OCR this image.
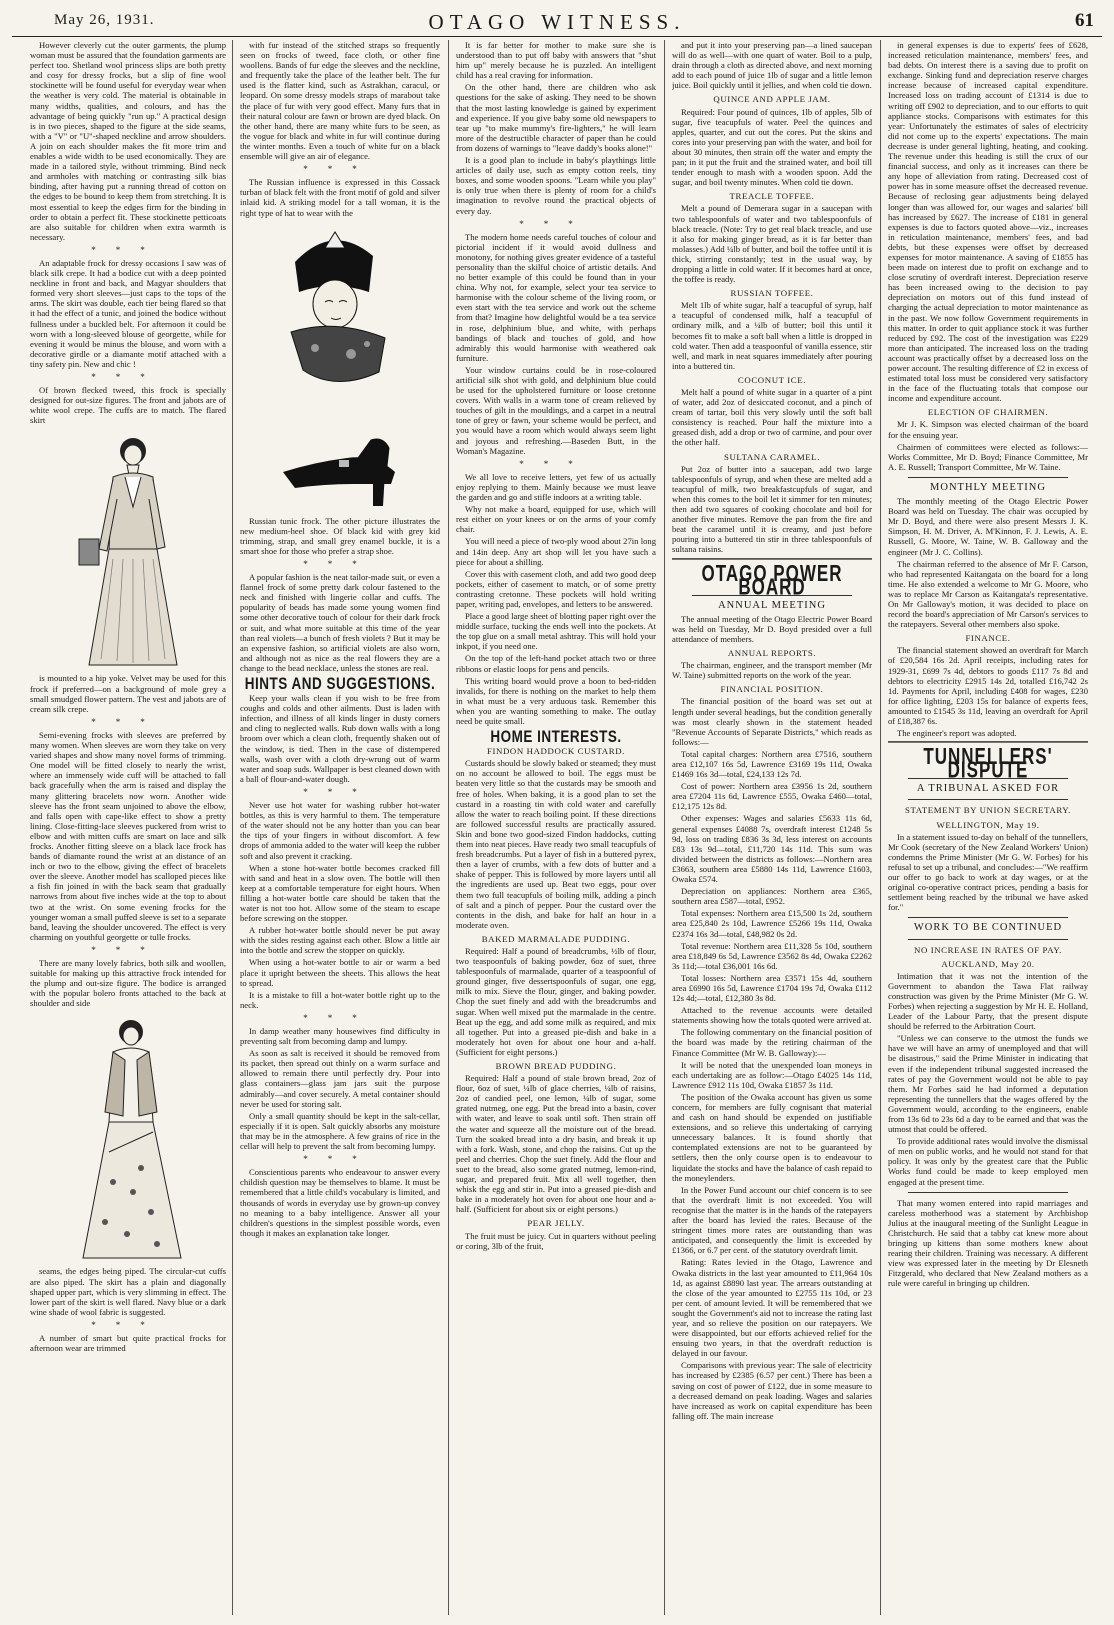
May 26, 1931.	OTAGO WITNESS.	61

However cleverly cut the outer garments, the plump woman must be assured that the foundation garments are perfect too. Shetland wool princess slips are both pretty and cosy for dressy frocks, but a slip of fine wool stockinette will be found useful for everyday wear when the weather is very cold. The material is obtainable in many widths, qualities, and colours, and has the advantage of being quickly "run up." A practical design is in two pieces, shaped to the figure at the side seams, with a "V" or "U"-shaped neckline and arrow shoulders. A join on each shoulder makes the fit more trim and enables a wide width to be used economically. They are made in a tailored style, without trimming. Bind neck and armholes with matching or contrasting silk bias binding, after having put a running thread of cotton on the edges to be bound to keep them from stretching. It is most essential to keep the edges firm for the binding in order to obtain a perfect fit. These stockinette petticoats are also suitable for children when extra warmth is necessary.

***

An adaptable frock for dressy occasions I saw was of black silk crepe. It had a bodice cut with a deep pointed neckline in front and back, and Magyar shoulders that formed very short sleeves—just caps to the tops of the arms. The skirt was double, each tier being flared so that it had the effect of a tunic, and joined the bodice without fullness under a buckled belt. For afternoon it could be worn with a long-sleeved blouse of georgette, while for evening it would be minus the blouse, and worn with a decorative girdle or a diamante motif attached with a tiny safety pin. New and chic !

***

Of brown flecked tweed, this frock is specially designed for out-size figures. The front and jabots are of white wool crepe. The cuffs are to match. The flared skirt

is mounted to a hip yoke. Velvet may be used for this frock if preferred—on a background of mole grey a small smudged flower pattern. The vest and jabots are of cream silk crepe.

***

Semi-evening frocks with sleeves are preferred by many women. When sleeves are worn they take on very varied shapes and show many novel forms of trimming. One model will be fitted closely to nearly the wrist, where an immensely wide cuff will be attached to fall back gracefully when the arm is raised and display the many glittering bracelets now worn. Another wide sleeve has the front seam unjoined to above the elbow, and falls open with cape-like effect to show a pretty lining. Close-fitting-lace sleeves puckered from wrist to elbow and with mitten cuffs are smart on lace and silk frocks. Another fitting sleeve on a black lace frock has bands of diamante round the wrist at an distance of an inch or two to the elbow, giving the effect of bracelets over the sleeve. Another model has scalloped pieces like a fish fin joined in with the back seam that gradually narrows from about five inches wide at the top to about two at the wrist. On some evening frocks for the younger woman a small puffed sleeve is set to a separate band, leaving the shoulder uncovered. The effect is very charming on youthful georgette or tulle frocks.

***

There are many lovely fabrics, both silk and woollen, suitable for making up this attractive frock intended for the plump and out-size figure. The bodice is arranged with the popular bolero fronts attached to the back at shoulder and side

seams, the edges being piped. The circular-cut cuffs are also piped. The skirt has a plain and diagonally shaped upper part, which is very slimming in effect. The lower part of the skirt is well flared. Navy blue or a dark wine shade of wool fabric is suggested.

***

A number of smart but quite practical frocks for afternoon wear are trimmed

with fur instead of the stitched straps so frequently seen on frocks of tweed, face cloth, or other fine woollens. Bands of fur edge the sleeves and the neckline, and frequently take the place of the leather belt. The fur used is the flatter kind, such as Astrakhan, caracul, or leopard. On some dressy models straps of marabout take the place of fur with very good effect. Many furs that in their natural colour are fawn or brown are dyed black. On the other hand, there are many white furs to be seen, as the vogue for black and white in fur will continue during the winter months. Even a touch of white fur on a black ensemble will give an air of elegance.

***

The Russian influence is expressed in this Cossack turban of black felt with the front motif of gold and silver inlaid kid. A striking model for a tall woman, it is the right type of hat to wear with the

Russian tunic frock. The other picture illustrates the new medium-heel shoe. Of black kid with grey kid trimming, strap, and small grey enamel buckle, it is a smart shoe for those who prefer a strap shoe.

***

A popular fashion is the neat tailor-made suit, or even a flannel frock of some pretty dark colour fastened to the neck and finished with lingerie collar and cuffs. The popularity of beads has made some young women find some other decorative touch of colour for their dark frock or suit, and what more suitable at this time of the year than real violets—a bunch of fresh violets ? But it may be an expensive fashion, so artificial violets are also worn, and although not as nice as the real flowers they are a change to the bead necklace, unless the stones are real.

HINTS AND SUGGESTIONS.

Keep your walls clean if you wish to be free from coughs and colds and other ailments. Dust is laden with infection, and illness of all kinds linger in dusty corners and cling to neglected walls. Rub down walls with a long broom over which a clean cloth, frequently shaken out of the window, is tied. Then in the case of distempered walls, wash over with a cloth dry-wrung out of warm water and soap suds. Wallpaper is best cleaned down with a ball of flour-and-water dough.

***

Never use hot water for washing rubber hot-water bottles, as this is very harmful to them. The temperature of the water should not be any hotter than you can bear the tips of your fingers in without discomfort. A few drops of ammonia added to the water will keep the rubber soft and also prevent it cracking.

When a stone hot-water bottle becomes cracked fill with sand and heat in a slow oven. The bottle will then keep at a comfortable temperature for eight hours. When filling a hot-water bottle care should be taken that the water is not too hot. Allow some of the steam to escape before screwing on the stopper.

A rubber hot-water bottle should never be put away with the sides resting against each other. Blow a little air into the bottle and screw the stopper on quickly.

When using a hot-water bottle to air or warm a bed place it upright between the sheets. This allows the heat to spread.

It is a mistake to fill a hot-water bottle right up to the neck.

***

In damp weather many housewives find difficulty in preventing salt from becoming damp and lumpy.

As soon as salt is received it should be removed from its packet, then spread out thinly on a warm surface and allowed to remain there until perfectly dry. Pour into glass containers—glass jam jars suit the purpose admirably—and cover securely. A metal container should never be used for storing salt.

Only a small quantity should be kept in the salt-cellar, especially if it is open. Salt quickly absorbs any moisture that may be in the atmosphere. A few grains of rice in the cellar will help to prevent the salt from becoming lumpy.

***

Conscientious parents who endeavour to answer every childish question may be themselves to blame. It must be remembered that a little child's vocabulary is limited, and thousands of words in everyday use by grown-up convey no meaning to a baby intelligence. Answer all your children's questions in the simplest possible words, even though it makes an explanation take longer.

It is far better for mother to make sure she is understood than to put off baby with answers that "shut him up" merely because he is puzzled. An intelligent child has a real craving for information.

On the other hand, there are children who ask questions for the sake of asking. They need to be shown that the most lasting knowledge is gained by experiment and experience. If you give baby some old newspapers to tear up "to make mummy's fire-lighters," he will learn more of the destructible character of paper than he could from dozens of warnings to "leave daddy's books alone!"

It is a good plan to include in baby's playthings little articles of daily use, such as empty cotton reels, tiny boxes, and some wooden spoons. "Learn while you play" is only true when there is plenty of room for a child's imagination to revolve round the practical objects of every day.

***

The modern home needs careful touches of colour and pictorial incident if it would avoid dullness and monotony, for nothing gives greater evidence of a tasteful personality than the skilful choice of artistic details. And no better example of this could be found than in your china. Why not, for example, select your tea service to harmonise with the colour scheme of the living room, or even start with the tea service and work out the scheme from that? Imagine how delightful would be a tea service in rose, delphinium blue, and white, with perhaps bandings of black and touches of gold, and how admirably this would harmonise with weathered oak furniture.

Your window curtains could be in rose-coloured artificial silk shot with gold, and delphinium blue could be used for the upholstered furniture or loose cretonne covers. With walls in a warm tone of cream relieved by touches of gilt in the mouldings, and a carpet in a neutral tone of grey or fawn, your scheme would be perfect, and you would have a room which would always seem light and joyous and refreshing.—Baseden Butt, in the Woman's Magazine.

***

We all love to receive letters, yet few of us actually enjoy replying to them. Mainly because we must leave the garden and go and stifle indoors at a writing table.

Why not make a board, equipped for use, which will rest either on your knees or on the arms of your comfy chair.

You will need a piece of two-ply wood about 27in long and 14in deep. Any art shop will let you have such a piece for about a shilling.

Cover this with casement cloth, and add two good deep pockets, either of casement to match, or of some pretty contrasting cretonne. These pockets will hold writing paper, writing pad, envelopes, and letters to be answered.

Place a good large sheet of blotting paper right over the middle surface, tucking the ends well into the pockets. At the top glue on a small metal ashtray. This will hold your inkpot, if you need one.

On the top of the left-hand pocket attach two or three ribbons or elastic loops for pens and pencils.

This writing board would prove a boon to bed-ridden invalids, for there is nothing on the market to help them in what must be a very arduous task. Remember this when you are wanting something to make. The outlay need be quite small.

HOME INTERESTS.
FINDON HADDOCK CUSTARD.

Custards should be slowly baked or steamed; they must on no account be allowed to boil. The eggs must be beaten very little so that the custards may be smooth and free of holes. When baking, it is a good plan to set the custard in a roasting tin with cold water and carefully allow the water to reach boiling point. If these directions are followed successful results are practically assured. Skin and bone two good-sized Findon haddocks, cutting them into neat pieces. Have ready two small teacupfuls of fresh breadcrumbs. Put a layer of fish in a buttered pyrex, then a layer of crumbs, with a few dots of butter and a shake of pepper. This is followed by more layers until all the ingredients are used up. Beat two eggs, pour over them two full teacupfuls of boiling milk, adding a pinch of salt and a pinch of pepper. Pour the custard over the contents in the dish, and bake for half an hour in a moderate oven.

BAKED MARMALADE PUDDING.

Required: Half a pound of breadcrumbs, ½lb of flour, two teaspoonfuls of baking powder, 6oz of suet, three tablespoonfuls of marmalade, quarter of a teaspoonful of ground ginger, five dessertspoonfuls of sugar, one egg, milk to mix. Sieve the flour, ginger, and baking powder. Chop the suet finely and add with the breadcrumbs and sugar. When well mixed put the marmalade in the centre. Beat up the egg, and add some milk as required, and mix all together. Put into a greased pie-dish and bake in a moderately hot oven for about one hour and a-half. (Sufficient for eight persons.)

BROWN BREAD PUDDING.

Required: Half a pound of stale brown bread, 2oz of flour, 6oz of suet, ¼lb of glace cherries, ¼lb of raisins, 2oz of candied peel, one lemon, ¼lb of sugar, some grated nutmeg, one egg. Put the bread into a basin, cover with water, and leave to soak until soft. Then strain off the water and squeeze all the moisture out of the bread. Turn the soaked bread into a dry basin, and break it up with a fork. Wash, stone, and chop the raisins. Cut up the peel and cherries. Chop the suet finely. Add the flour and suet to the bread, also some grated nutmeg, lemon-rind, sugar, and prepared fruit. Mix all well together, then whisk the egg and stir in. Put into a greased pie-dish and bake in a moderately hot oven for about one hour and a-half. (Sufficient for about six or eight persons.)

PEAR JELLY.

The fruit must be juicy. Cut in quarters without peeling or coring, 3lb of the fruit,

and put it into your preserving pan—a lined saucepan will do as well—with one quart of water. Boil to a pulp, drain through a cloth as directed above, and next morning add to each pound of juice 1lb of sugar and a little lemon juice. Boil quickly until it jellies, and when cold tie down.

QUINCE AND APPLE JAM.

Required: Four pound of quinces, 1lb of apples, 5lb of sugar, five teacupfuls of water. Peel the quinces and apples, quarter, and cut out the cores. Put the skins and cores into your preserving pan with the water, and boil for about 30 minutes, then strain off the water and empty the pan; in it put the fruit and the strained water, and boil till tender enough to mash with a wooden spoon. Add the sugar, and boil twenty minutes. When cold tie down.

TREACLE TOFFEE.

Melt a pound of Demerara sugar in a saucepan with two tablespoonfuls of water and two tablespoonfuls of black treacle. (Note: Try to get real black treacle, and use it also for making ginger bread, as it is far better than molasses.) Add ¼lb of butter, and boil the toffee until it is thick, stirring constantly; test in the usual way, by dropping a little in cold water. If it becomes hard at once, the toffee is ready.

RUSSIAN TOFFEE.

Melt 1lb of white sugar, half a teacupful of syrup, half a teacupful of condensed milk, half a teacupful of ordinary milk, and a ¼lb of butter; boil this until it becomes fit to make a soft ball when a little is dropped in cold water. Then add a teaspoonful of vanilla essence, stir well, and mark in neat squares immediately after pouring into a buttered tin.

COCONUT ICE.

Melt half a pound of white sugar in a quarter of a pint of water, add 2oz of desiccated coconut, and a pinch of cream of tartar, boil this very slowly until the soft ball consistency is reached. Pour half the mixture into a greased dish, add a drop or two of carmine, and pour over the other half.

SULTANA CARAMEL.

Put 2oz of butter into a saucepan, add two large tablespoonfuls of syrup, and when these are melted add a teacupful of milk, two breakfastcupfuls of sugar, and when this comes to the boil let it simmer for ten minutes; then add two squares of cooking chocolate and boil for another five minutes. Remove the pan from the fire and beat the caramel until it is creamy, and just before pouring into a buttered tin stir in three tablespoonfuls of sultana raisins.

OTAGO POWER BOARD
ANNUAL MEETING

The annual meeting of the Otago Electric Power Board was held on Tuesday, Mr D. Boyd presided over a full attendance of members.

ANNUAL REPORTS.

The chairman, engineer, and the transport member (Mr W. Taine) submitted reports on the work of the year.

FINANCIAL POSITION.

The financial position of the board was set out at length under several headings, but the condition generally was most clearly shown in the statement headed "Revenue Accounts of Separate Districts," which reads as follows:—

Total capital charges: Northern area £7516, southern area £12,107 16s 5d, Lawrence £3169 19s 11d, Owaka £1469 16s 3d—total, £24,133 12s 7d.

Cost of power: Northern area £3956 1s 2d, southern area £7204 11s 6d, Lawrence £555, Owaka £460—total, £12,175 12s 8d.

Other expenses: Wages and salaries £5633 11s 6d, general expenses £4088 7s, overdraft interest £1248 5s 9d, loss on trading £836 3s 3d, less interest on accounts £83 13s 9d—total, £11,720 14s 11d. This sum was divided between the districts as follows:—Northern area £3663, southern area £5880 14s 11d, Lawrence £1603, Owaka £574.

Depreciation on appliances: Northern area £365, southern area £587—total, £952.

Total expenses: Northern area £15,500 1s 2d, southern area £25,840 2s 10d, Lawrence £5266 19s 11d, Owaka £2374 16s 3d—total, £48,982 0s 2d.

Total revenue: Northern area £11,328 5s 10d, southern area £18,849 6s 5d, Lawrence £3562 8s 4d, Owaka £2262 3s 11d;—total £36,001 16s 6d.

Total losses: Northern area £3571 15s 4d, southern area £6990 16s 5d, Lawrence £1704 19s 7d, Owaka £112 12s 4d;—total, £12,380 3s 8d.

Attached to the revenue accounts were detailed statements showing how the totals quoted were arrived at.

The following commentary on the financial position of the board was made by the retiring chairman of the Finance Committee (Mr W. B. Galloway):—

It will be noted that the unexpended loan moneys in each undertaking are as follow:—Otago £4025 14s 11d, Lawrence £912 11s 10d, Owaka £1857 3s 11d.

The position of the Owaka account has given us some concern, for members are fully cognisant that material and cash on hand should be expended on justifiable extensions, and so relieve this undertaking of carrying unnecessary balances. It is found shortly that contemplated extensions are not to be guaranteed by settlers, then the only course open is to endeavour to liquidate the stocks and have the balance of cash repaid to the moneylenders.

In the Power Fund account our chief concern is to see that the overdraft limit is not exceeded. You will recognise that the matter is in the hands of the ratepayers after the board has levied the rates. Because of the stringent times more rates are outstanding than was anticipated, and consequently the limit is exceeded by £1366, or 6.7 per cent. of the statutory overdraft limit.

Rating: Rates levied in the Otago, Lawrence and Owaka districts in the last year amounted to £11,964 10s 1d, as against £8890 last year. The arrears outstanding at the close of the year amounted to £2755 11s 10d, or 23 per cent. of amount levied. It will be remembered that we sought the Government's aid not to increase the rating last year, and so relieve the position on our ratepayers. We were disappointed, but our efforts achieved relief for the ensuing two years, in that the overdraft reduction is delayed in our favour.

Comparisons with previous year: The sale of electricity has increased by £2385 (6.57 per cent.) There has been a saving on cost of power of £122, due in some measure to a decreased demand on peak loading. Wages and salaries have increased as work on capital expenditure has been falling off. The main increase

in general expenses is due to experts' fees of £628, increased reticulation maintenance, members' fees, and bad debts. On interest there is a saving due to profit on exchange. Sinking fund and depreciation reserve charges increase because of increased capital expenditure. Increased loss on trading account of £1314 is due to writing off £902 to depreciation, and to our efforts to quit appliance stocks. Comparisons with estimates for this year: Unfortunately the estimates of sales of electricity did not come up to the experts' expectations. The main decrease is under general lighting, heating, and cooking. The revenue under this heading is still the crux of our financial success, and only as it increases can there be any hope of alleviation from rating. Decreased cost of power has in some measure offset the decreased revenue. Because of reclosing gear adjustments being delayed longer than was allowed for, our wages and salaries' bill has increased by £627. The increase of £181 in general expenses is due to factors quoted above—viz., increases in reticulation maintenance, members' fees, and bad debts, but these expenses were offset by decreased expenses for motor maintenance. A saving of £1855 has been made on interest due to profit on exchange and to close scrutiny of overdraft interest. Depreciation reserve has been increased owing to the decision to pay depreciation on motors out of this fund instead of charging the actual depreciation to motor maintenance as in the past. We now follow Government requirements in this matter. In order to quit appliance stock it was further reduced by £92. The cost of the investigation was £229 more than anticipated. The increased loss on the trading account was practically offset by a decreased loss on the power account. The resulting difference of £2 in excess of estimated total loss must be considered very satisfactory in the face of the fluctuating totals that compose our income and expenditure account.

ELECTION OF CHAIRMEN.

Mr J. K. Simpson was elected chairman of the board for the ensuing year.

Chairmen of committees were elected as follows:—Works Committee, Mr D. Boyd; Finance Committee, Mr A. E. Russell; Transport Committee, Mr W. Taine.

MONTHLY MEETING

The monthly meeting of the Otago Electric Power Board was held on Tuesday. The chair was occupied by Mr D. Boyd, and there were also present Messrs J. K. Simpson, H. M. Driver, A. M'Kinnon, F. J. Lewis, A. E. Russell, G. Moore, W. Taine, W. B. Galloway and the engineer (Mr J. C. Collins).

The chairman referred to the absence of Mr F. Carson, who had represented Kaitangata on the board for a long time. He also extended a welcome to Mr G. Moore, who was to replace Mr Carson as Kaitangata's representative. On Mr Galloway's motion, it was decided to place on record the board's appreciation of Mr Carson's services to the ratepayers. Several other members also spoke.

FINANCE.

The financial statement showed an overdraft for March of £20,584 16s 2d. April receipts, including rates for 1929-31, £699 7s 4d, debtors to goods £117 7s 8d and debtors to electricity £2915 14s 2d, totalled £16,742 2s 1d. Payments for April, including £408 for wages, £230 for office lighting, £203 15s for balance of experts fees, amounted to £1545 3s 11d, leaving an overdraft for April of £18,387 6s.

The engineer's report was adopted.

TUNNELLERS' DISPUTE
A TRIBUNAL ASKED FOR
STATEMENT BY UNION SECRETARY.
WELLINGTON, May 19.

In a statement issued to-day on behalf of the tunnellers, Mr Cook (secretary of the New Zealand Workers' Union) condemns the Prime Minister (Mr G. W. Forbes) for his refusal to set up a tribunal, and concludes:—"We reaffirm our offer to go back to work at day wages, or at the original co-operative contract prices, pending a basis for settlement being reached by the tribunal we have asked for."

WORK TO BE CONTINUED
NO INCREASE IN RATES OF PAY.
AUCKLAND, May 20.

Intimation that it was not the intention of the Government to abandon the Tawa Flat railway construction was given by the Prime Minister (Mr G. W. Forbes) when rejecting a suggestion by Mr H. E. Holland, Leader of the Labour Party, that the present dispute should be referred to the Arbitration Court.

"Unless we can conserve to the utmost the funds we have we will have an army of unemployed and that will be disastrous," said the Prime Minister in indicating that even if the independent tribunal suggested increased the rates of pay the Government would not be able to pay them. Mr Forbes said he had informed a deputation representing the tunnellers that the wages offered by the Government would, according to the engineers, enable from 13s 6d to 23s 6d a day to be earned and that was the utmost that could be offered.

To provide additional rates would involve the dismissal of men on public works, and he would not stand for that policy. It was only by the greatest care that the Public Works fund could be made to keep employed men engaged at the present time.

That many women entered into rapid marriages and careless motherhood was a statement by Archbishop Julius at the inaugural meeting of the Sunlight League in Christchurch. He said that a tabby cat knew more about bringing up kittens than some mothers knew about rearing their children. Training was necessary. A different view was expressed later in the meeting by Dr Elesneth Fitzgerald, who declared that New Zealand mothers as a rule were careful in bringing up children.
